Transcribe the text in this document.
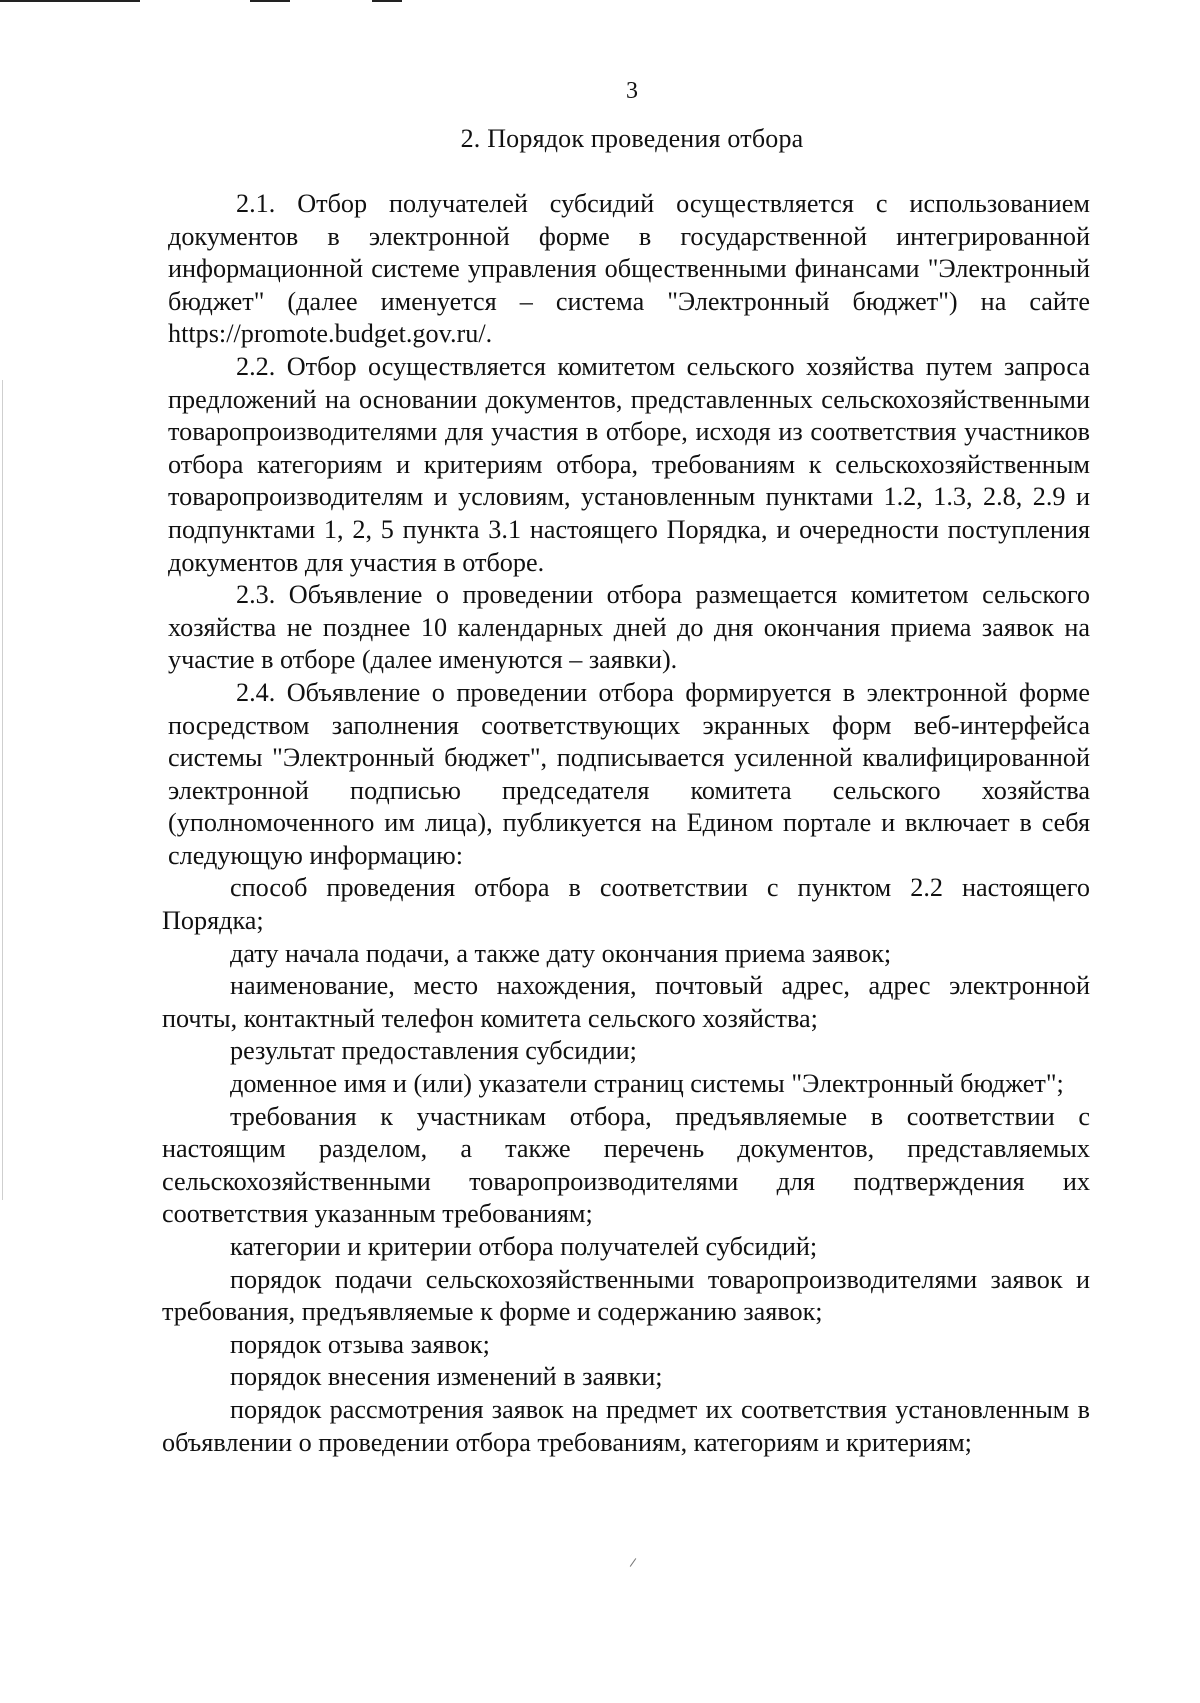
3
2. Порядок проведения отбора

2.1. Отбор получателей субсидий осуществляется с использованием документов в электронной форме в государственной интегрированной информационной системе управления общественными финансами "Электронный бюджет" (далее именуется – система "Электронный бюджет") на сайте https://promote.budget.gov.ru/.

2.2. Отбор осуществляется комитетом сельского хозяйства путем запроса предложений на основании документов, представленных сельскохозяйственными товаропроизводителями для участия в отборе, исходя из соответствия участников отбора категориям и критериям отбора, требованиям к сельскохозяйственным товаропроизводителям и условиям, установленным пунктами 1.2, 1.3, 2.8, 2.9 и подпунктами 1, 2, 5 пункта 3.1 настоящего Порядка, и очередности поступления документов для участия в отборе.

2.3. Объявление о проведении отбора размещается комитетом сельского хозяйства не позднее 10 календарных дней до дня окончания приема заявок на участие в отборе (далее именуются – заявки).

2.4. Объявление о проведении отбора формируется в электронной форме посредством заполнения соответствующих экранных форм веб-интерфейса системы "Электронный бюджет", подписывается усиленной квалифицированной электронной подписью председателя комитета сельского хозяйства (уполномоченного им лица), публикуется на Едином портале и включает в себя следующую информацию:

способ проведения отбора в соответствии с пунктом 2.2 настоящего Порядка;

дату начала подачи, а также дату окончания приема заявок;

наименование, место нахождения, почтовый адрес, адрес электронной почты, контактный телефон комитета сельского хозяйства;

результат предоставления субсидии;

доменное имя и (или) указатели страниц системы "Электронный бюджет";

требования к участникам отбора, предъявляемые в соответствии с настоящим разделом, а также перечень документов, представляемых сельскохозяйственными товаропроизводителями для подтверждения их соответствия указанным требованиям;

категории и критерии отбора получателей субсидий;

порядок подачи сельскохозяйственными товаропроизводителями заявок и требования, предъявляемые к форме и содержанию заявок;

порядок отзыва заявок;

порядок внесения изменений в заявки;

порядок рассмотрения заявок на предмет их соответствия установленным в объявлении о проведении отбора требованиям, категориям и критериям;
